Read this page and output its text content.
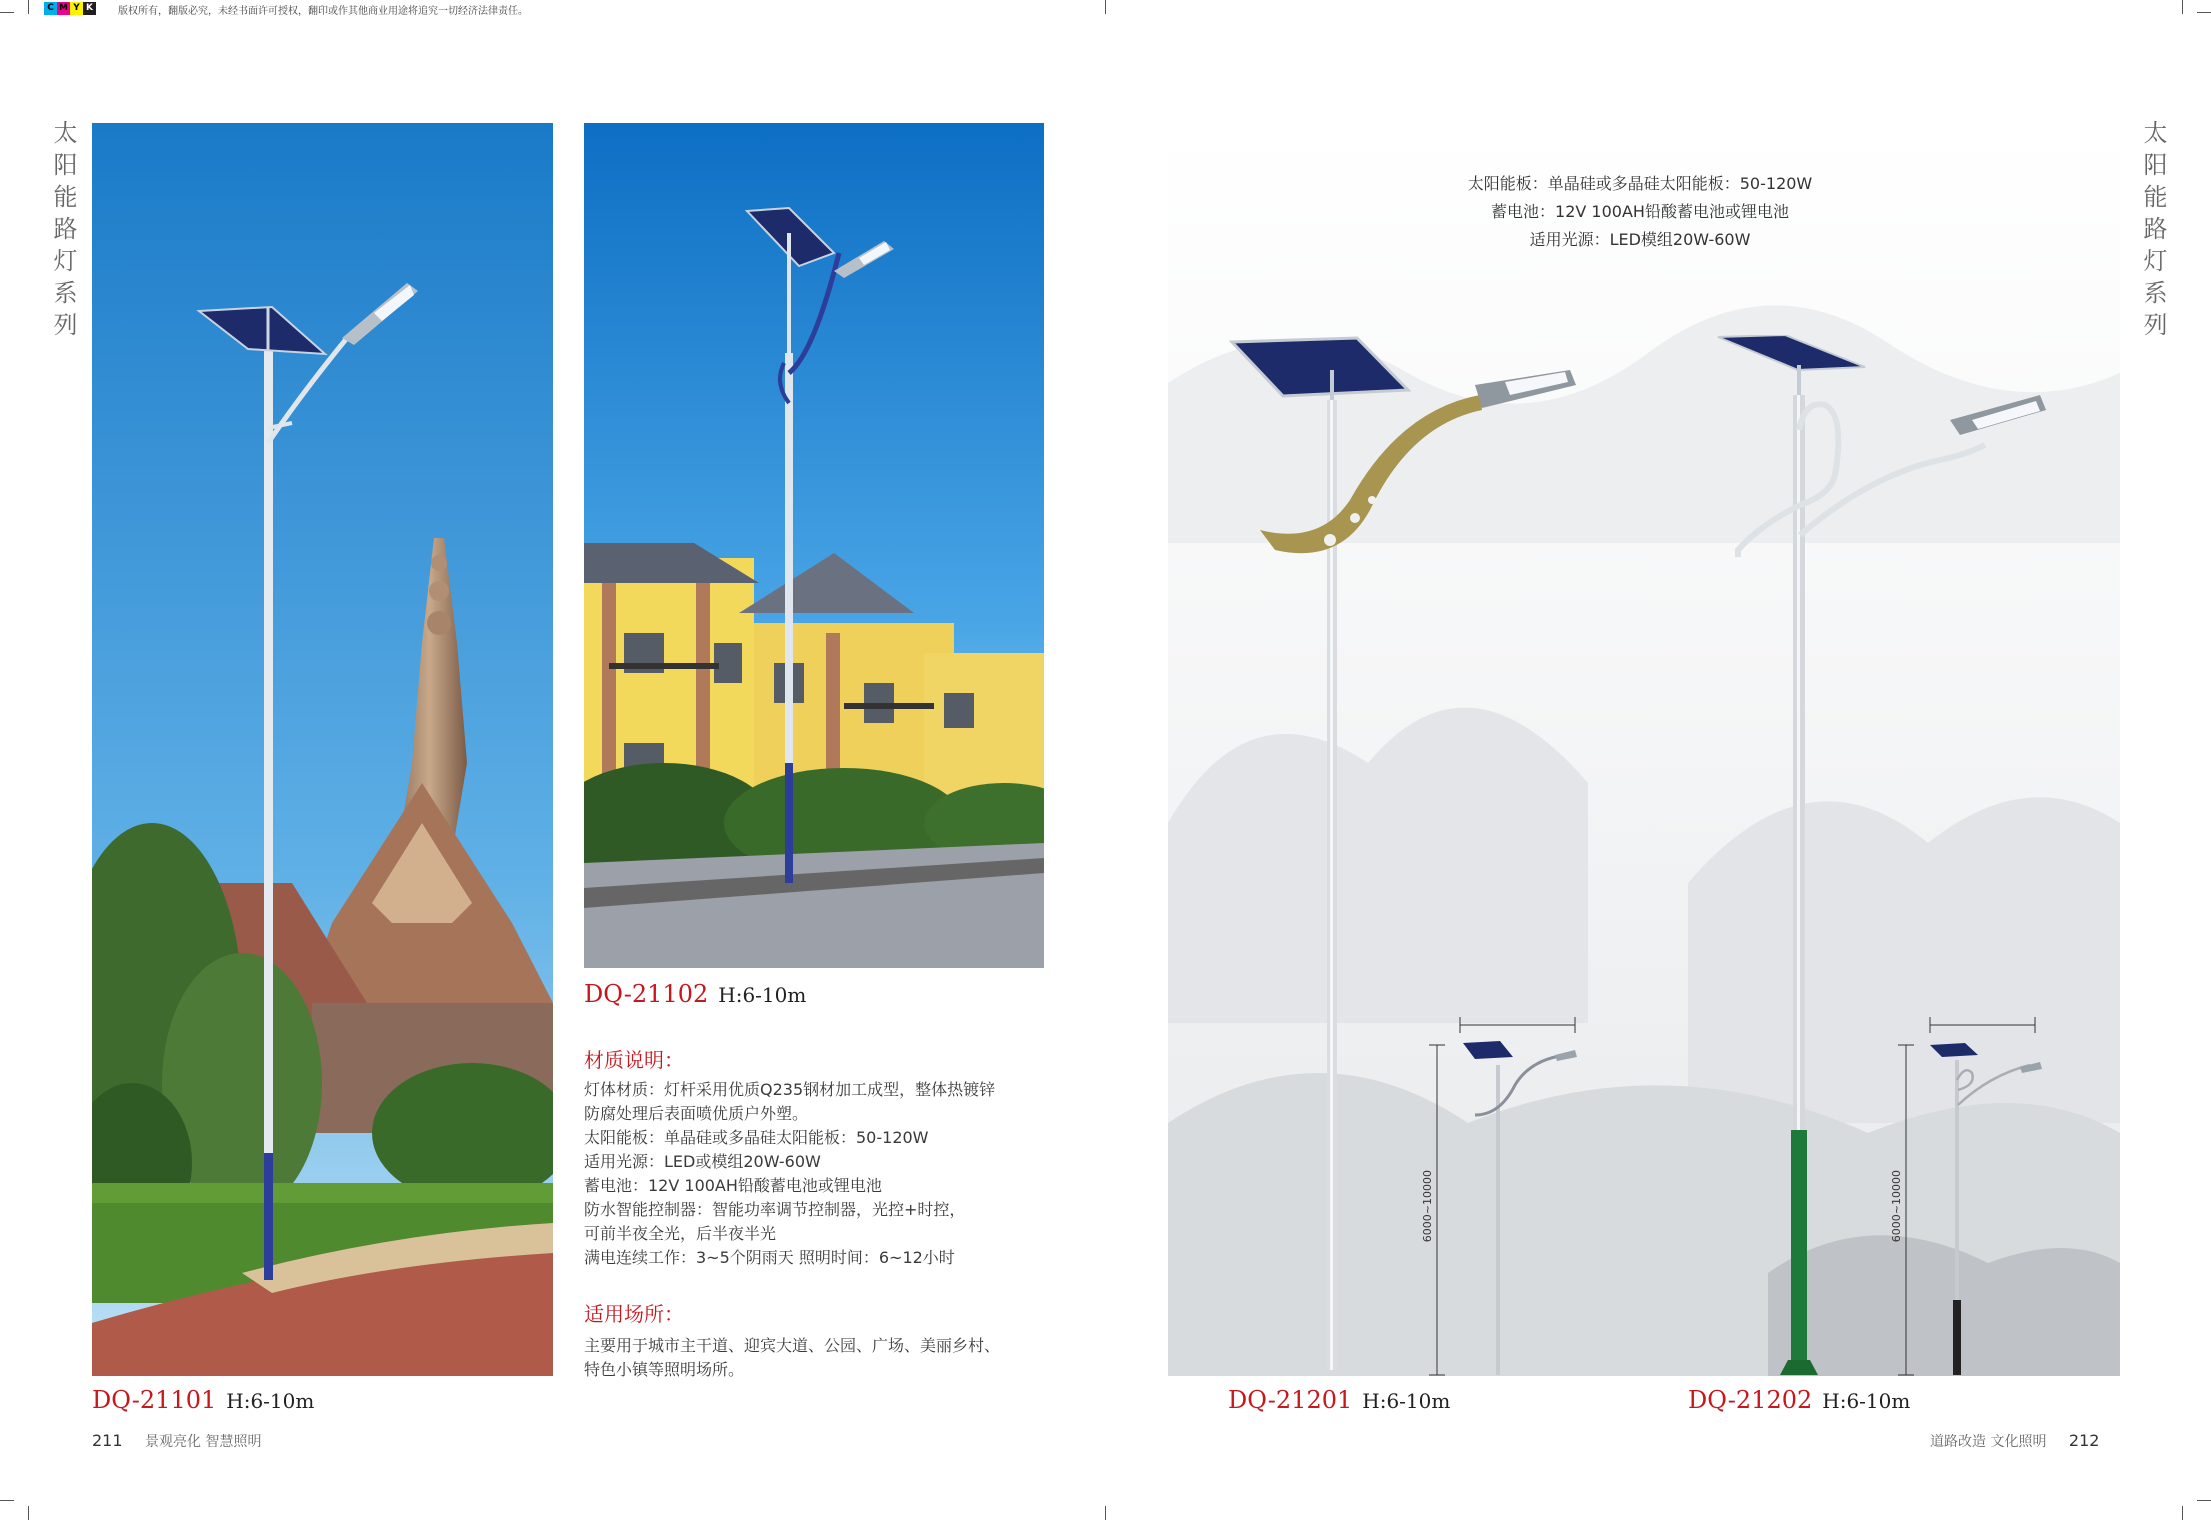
C M Y K	版权所有，翻版必究，未经书面许可授权，翻印或作其他商业用途将追究一切经济法律责任。
太阳能路灯系列	太阳能路灯系列
DQ-21101 H:6-10m
DQ-21102 H:6-10m
材质说明：
灯体材质：灯杆采用优质Q235钢材加工成型，整体热镀锌
防腐处理后表面喷优质户外塑。
太阳能板：单晶硅或多晶硅太阳能板：50-120W
适用光源：LED或模组20W-60W
蓄电池：12V 100AH铅酸蓄电池或锂电池
防水智能控制器：智能功率调节控制器，光控+时控，
可前半夜全光，后半夜半光
满电连续工作：3~5个阴雨天 照明时间：6~12小时
适用场所：
主要用于城市主干道、迎宾大道、公园、广场、美丽乡村、
特色小镇等照明场所。
太阳能板：单晶硅或多晶硅太阳能板：50-120W
蓄电池：12V 100AH铅酸蓄电池或锂电池
适用光源：LED模组20W-60W
6000~10000	6000~10000
DQ-21201 H:6-10m	DQ-21202 H:6-10m
211 景观亮化 智慧照明	道路改造 文化照明 212
